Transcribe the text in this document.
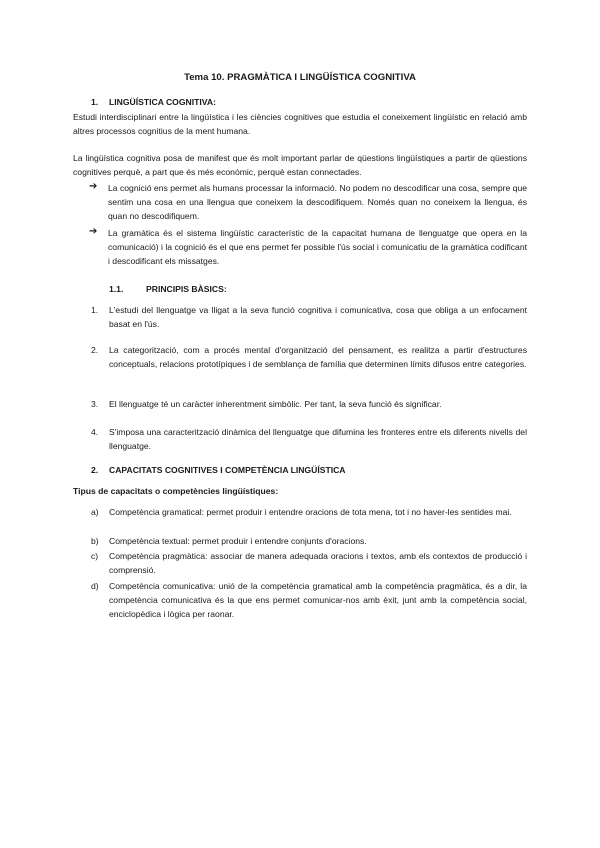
Tema 10. PRAGMÀTICA I LINGÜÍSTICA COGNITIVA
1. LINGÜÍSTICA COGNITIVA:

Estudi interdisciplinari entre la lingüística i les ciències cognitives que estudia el coneixement lingüístic en relació amb altres processos cognitius de la ment humana.

La lingüística cognitiva posa de manifest que és molt important parlar de qüestions lingüístiques a partir de qüestions cognitives perquè, a part que és més econòmic, perquè estan connectades.

➔ La cognició ens permet als humans processar la informació. No podem no descodificar una cosa, sempre que sentim una cosa en una llengua que coneixem la descodifiquem. Només quan no coneixem la llengua, és quan no descodifiquem.

➔ La gramàtica és el sistema lingüístic característic de la capacitat humana de llenguatge que opera en la comunicació) i la cognició és el que ens permet fer possible l'ús social i comunicatiu de la gramàtica codificant i descodificant els missatges.

1.1.	PRINCIPIS BÀSICS:
1. L'estudi del llenguatge va lligat a la seva funció cognitiva i comunicativa, cosa que obliga a un enfocament basat en l'ús.

2. La categorització, com a procés mental d'organització del pensament, es realitza a partir d'estructures conceptuals, relacions prototípiques i de semblança de família que determinen límits difusos entre categories.

3. El llenguatge té un caràcter inherentment simbòlic. Per tant, la seva funció és significar.

4. S'imposa una caracterització dinàmica del llenguatge que difumina les fronteres entre els diferents nivells del llenguatge.

2. CAPACITATS COGNITIVES I COMPETÈNCIA LINGÜÍSTICA
Tipus de capacitats o competències lingüístiques:
a) Competència gramatical: permet produir i entendre oracions de tota mena, tot i no haver-les sentides mai.

b) Competència textual: permet produir i entendre conjunts d'oracions.

c) Competència pragmàtica: associar de manera adequada oracions i textos, amb els contextos de producció i comprensió.

d) Competència comunicativa: unió de la competència gramatical amb la competència pragmàtica, és a dir, la competència comunicativa és la que ens permet comunicar-nos amb èxit, junt amb la competència social, enciclopèdica i lògica per raonar.
